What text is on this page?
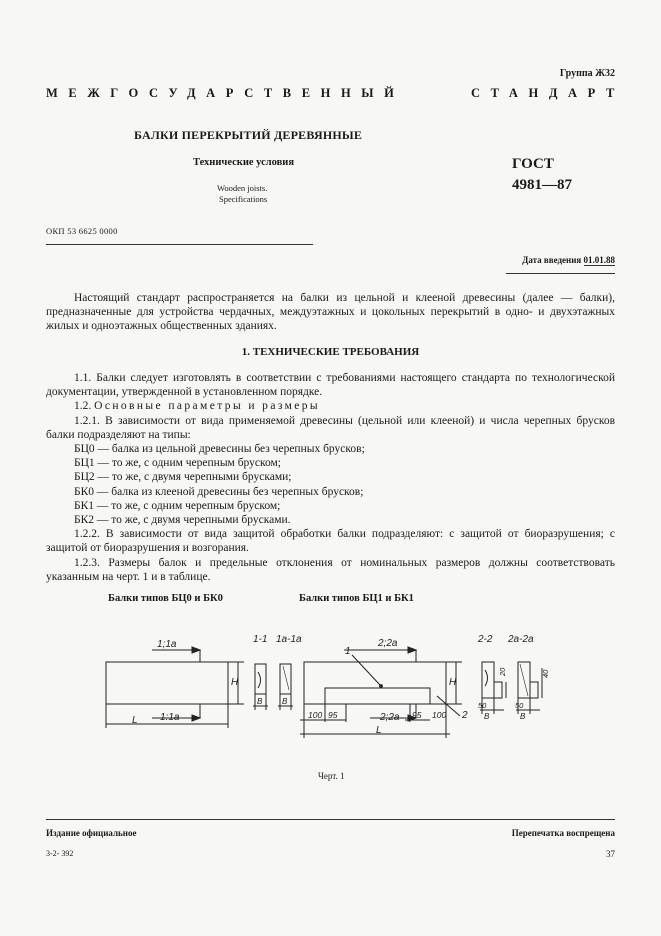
Группа Ж32
МЕЖГОСУДАРСТВЕННЫЙ	СТАНДАРТ
БАЛКИ ПЕРЕКРЫТИЙ ДЕРЕВЯННЫЕ
Технические условия
Wooden joists.
Specifications
ГОСТ
4981—87
ОКП 53 6625 0000
Дата введения 01.01.88

Настоящий стандарт распространяется на балки из цельной и клееной древесины (далее — балки), предназначенные для устройства чердачных, междуэтажных и цокольных перекрытий в одно- и двухэтажных жилых и одноэтажных общественных зданиях.

1. ТЕХНИЧЕСКИЕ ТРЕБОВАНИЯ

1.1. Балки следует изготовлять в соответствии с требованиями настоящего стандарта по технологической документации, утвержденной в установленном порядке.

1.2. Основные параметры и размеры

1.2.1. В зависимости от вида применяемой древесины (цельной или клееной) и числа черепных брусков балки подразделяют на типы:

БЦ0 — балка из цельной древесины без черепных брусков;

БЦ1 — то же, с одним черепным бруском;

БЦ2 — то же, с двумя черепными брусками;

БК0 — балка из клееной древесины без черепных брусков;

БК1 — то же, с одним черепным бруском;

БК2 — то же, с двумя черепными брусками.

1.2.2. В зависимости от вида защитой обработки балки подразделяют: с защитой от биоразрушения; с защитой от биоразрушения и возгорания.

1.2.3. Размеры балок и предельные отклонения от номинальных размеров должны соответствовать указанным на черт. 1 и в таблице.

Балки типов БЦ0 и БК0	Балки типов БЦ1 и БК1
1;1a
1:1a
H
L
1-1 1a-1a
B B
2;2a
2;2a
1
2
H
L
100 95	95 100
2-2 2a-2a
50	50
B	B
20	40
Черт. 1
Издание официальное	Перепечатка воспрещена
3-2- 392	37
